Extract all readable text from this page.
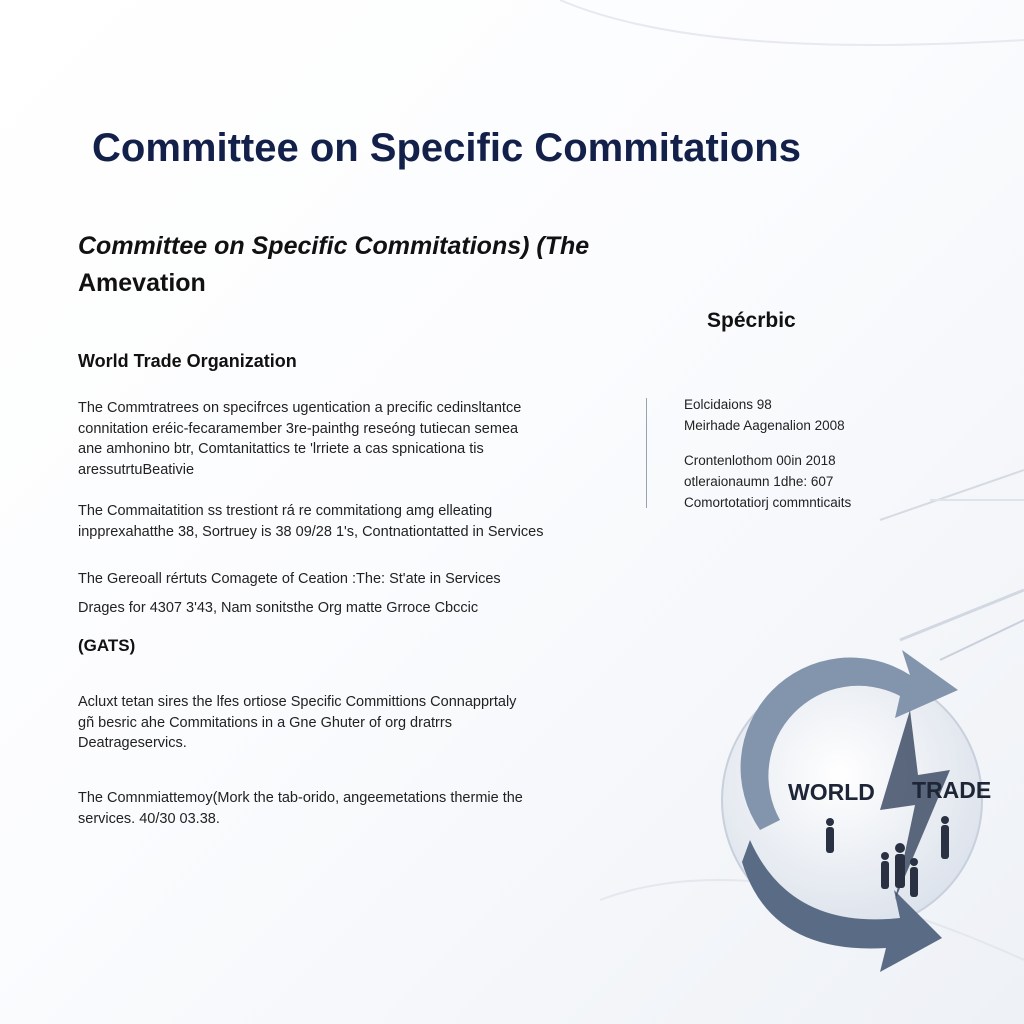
Committee on Specific Commitations
Committee on Specific Commitations) (The
Amevation
Spécrbic
World Trade Organization

The Commtratrees on specifrces ugentication a precific cedinsltantce
connitation eréic-fecaramember 3re-painthg reseóng tutiecan semea
ane amhonino btr, Comtanitattics te 'lrriete a cas spnicationa tis
aressutrtuBeativie

The Commaitatition ss trestiont rá re commitationg amg elleating
inpprexahatthe 38, Sortruey is 38 09/28 1's, Contnationtatted in Services

The Gereoall rértuts Comagete of Ceation :The: St'ate in Services

Drages for 4307 3'43, Nam sonitsthe Org matte Grroce Cbccic

(GATS)

Acluxt tetan sires the lfes ortiose Specific Committions Connapprtaly
gñ besric ahe Commitations in a Gne Ghuter of org dratrrs
Deatrageservics.

The Comnmiattemoy(Mork the tab-orido, angeemetations thermie the
services. 40/30 03.38.

Eolcidaions 98
Meirhade Aagenalion 2008

Crontenlothom 00in 2018
otleraionaumn 1dhe: 607
Comortotatiorj commnticaits

WORLD TRADE
